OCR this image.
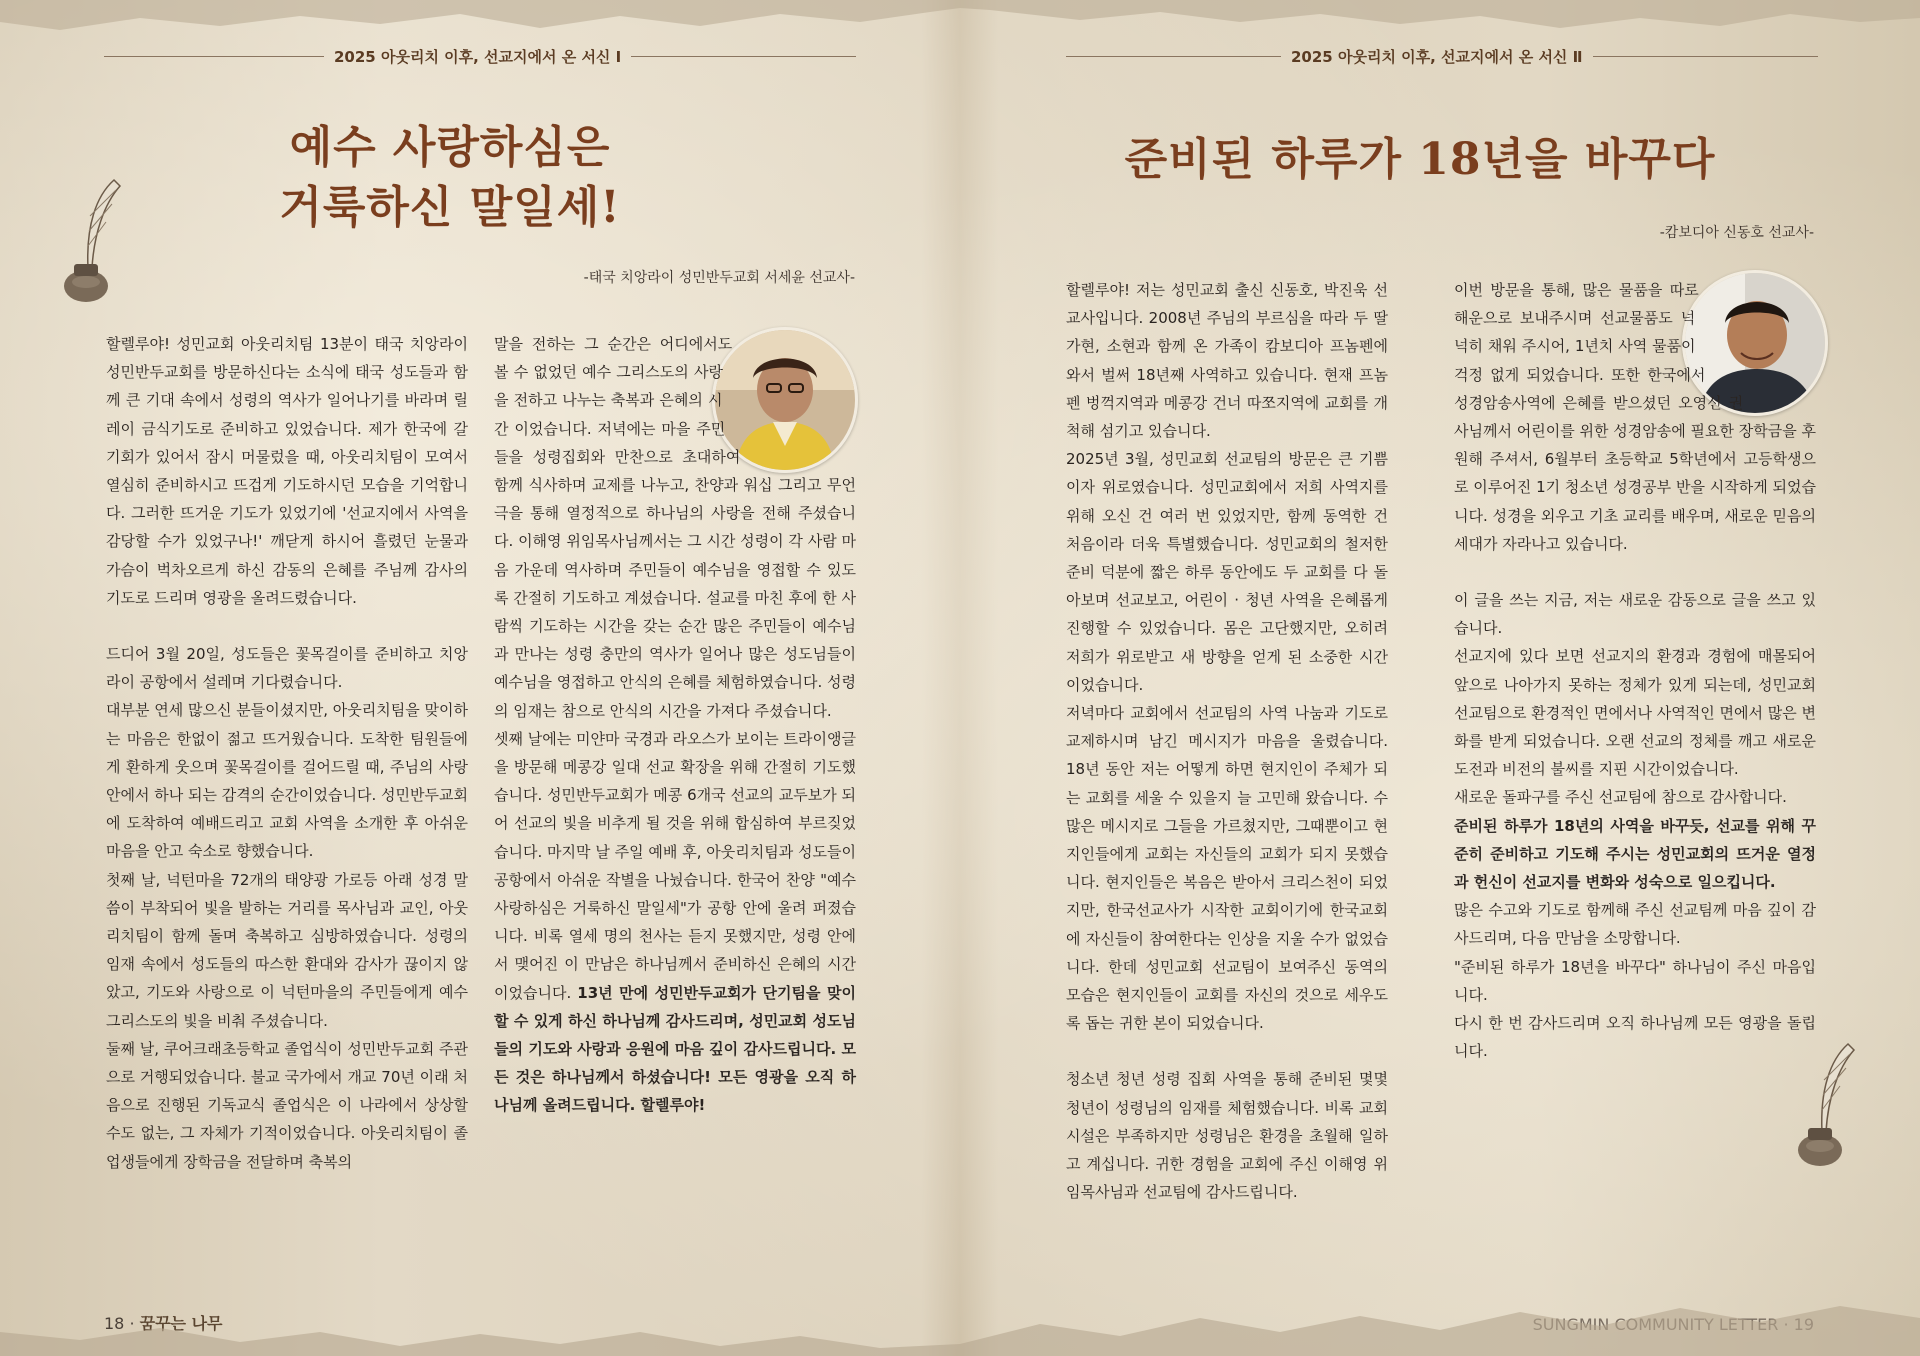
2025 아웃리치 이후, 선교지에서 온 서신 Ⅰ
예수 사랑하심은
거룩하신 말일세!
-태국 치앙라이 성민반두교회 서세윤 선교사-

할렐루야! 성민교회 아웃리치팀 13분이 태국 치앙라이 성민반두교회를 방문하신다는 소식에 태국 성도들과 함께 큰 기대 속에서 성령의 역사가 일어나기를 바라며 릴레이 금식기도로 준비하고 있었습니다. 제가 한국에 갈 기회가 있어서 잠시 머물렀을 때, 아웃리치팀이 모여서 열심히 준비하시고 뜨겁게 기도하시던 모습을 기억합니다. 그러한 뜨거운 기도가 있었기에 '선교지에서 사역을 감당할 수가 있었구나!' 깨닫게 하시어 흘렸던 눈물과 가슴이 벅차오르게 하신 감동의 은혜를 주님께 감사의 기도로 드리며 영광을 올려드렸습니다.

드디어 3월 20일, 성도들은 꽃목걸이를 준비하고 치앙라이 공항에서 설레며 기다렸습니다.

대부분 연세 많으신 분들이셨지만, 아웃리치팀을 맞이하는 마음은 한없이 젊고 뜨거웠습니다. 도착한 팀원들에게 환하게 웃으며 꽃목걸이를 걸어드릴 때, 주님의 사랑 안에서 하나 되는 감격의 순간이었습니다. 성민반두교회에 도착하여 예배드리고 교회 사역을 소개한 후 아쉬운 마음을 안고 숙소로 향했습니다.

첫째 날, 넉턴마을 72개의 태양광 가로등 아래 성경 말씀이 부착되어 빛을 발하는 거리를 목사님과 교인, 아웃리치팀이 함께 돌며 축복하고 심방하였습니다. 성령의 임재 속에서 성도들의 따스한 환대와 감사가 끊이지 않았고, 기도와 사랑으로 이 넉턴마을의 주민들에게 예수 그리스도의 빛을 비춰 주셨습니다.

둘째 날, 쿠어크래초등학교 졸업식이 성민반두교회 주관으로 거행되었습니다. 불교 국가에서 개교 70년 이래 처음으로 진행된 기독교식 졸업식은 이 나라에서 상상할 수도 없는, 그 자체가 기적이었습니다. 아웃리치팀이 졸업생들에게 장학금을 전달하며 축복의

말을 전하는 그 순간은 어디에서도 볼 수 없었던 예수 그리스도의 사랑을 전하고 나누는 축복과 은혜의 시간 이었습니다. 저녁에는 마을 주민들을 성령집회와 만찬으로 초대하여 함께 식사하며 교제를 나누고, 찬양과 워십 그리고 무언극을 통해 열정적으로 하나님의 사랑을 전해 주셨습니다. 이해영 위임목사님께서는 그 시간 성령이 각 사람 마음 가운데 역사하며 주민들이 예수님을 영접할 수 있도록 간절히 기도하고 계셨습니다. 설교를 마친 후에 한 사람씩 기도하는 시간을 갖는 순간 많은 주민들이 예수님과 만나는 성령 충만의 역사가 일어나 많은 성도님들이 예수님을 영접하고 안식의 은혜를 체험하였습니다. 성령의 임재는 참으로 안식의 시간을 가져다 주셨습니다.

셋째 날에는 미얀마 국경과 라오스가 보이는 트라이앵글을 방문해 메콩강 일대 선교 확장을 위해 간절히 기도했습니다. 성민반두교회가 메콩 6개국 선교의 교두보가 되어 선교의 빛을 비추게 될 것을 위해 합심하여 부르짖었습니다. 마지막 날 주일 예배 후, 아웃리치팀과 성도들이 공항에서 아쉬운 작별을 나눴습니다. 한국어 찬양 "예수 사랑하심은 거룩하신 말일세"가 공항 안에 울려 퍼졌습니다. 비록 열세 명의 천사는 듣지 못했지만, 성령 안에서 맺어진 이 만남은 하나님께서 준비하신 은혜의 시간이었습니다. 13년 만에 성민반두교회가 단기팀을 맞이할 수 있게 하신 하나님께 감사드리며, 성민교회 성도님들의 기도와 사랑과 응원에 마음 깊이 감사드립니다. 모든 것은 하나님께서 하셨습니다! 모든 영광을 오직 하나님께 올려드립니다. 할렐루야!

18 · 꿈꾸는 나무
2025 아웃리치 이후, 선교지에서 온 서신 Ⅱ
준비된 하루가 18년을 바꾸다
-캄보디아 신동호 선교사-

할렐루야! 저는 성민교회 출신 신동호, 박진욱 선교사입니다. 2008년 주님의 부르심을 따라 두 딸 가현, 소현과 함께 온 가족이 캄보디아 프놈펜에 와서 벌써 18년째 사역하고 있습니다. 현재 프놈펜 벙꺽지역과 메콩강 건너 따쪼지역에 교회를 개척해 섬기고 있습니다.

2025년 3월, 성민교회 선교팀의 방문은 큰 기쁨이자 위로였습니다. 성민교회에서 저희 사역지를 위해 오신 건 여러 번 있었지만, 함께 동역한 건 처음이라 더욱 특별했습니다. 성민교회의 철저한 준비 덕분에 짧은 하루 동안에도 두 교회를 다 돌아보며 선교보고, 어린이 · 청년 사역을 은혜롭게 진행할 수 있었습니다. 몸은 고단했지만, 오히려 저희가 위로받고 새 방향을 얻게 된 소중한 시간이었습니다.

저녁마다 교회에서 선교팀의 사역 나눔과 기도로 교제하시며 남긴 메시지가 마음을 울렸습니다. 18년 동안 저는 어떻게 하면 현지인이 주체가 되는 교회를 세울 수 있을지 늘 고민해 왔습니다. 수많은 메시지로 그들을 가르쳤지만, 그때뿐이고 현지인들에게 교회는 자신들의 교회가 되지 못했습니다. 현지인들은 복음은 받아서 크리스천이 되었지만, 한국선교사가 시작한 교회이기에 한국교회에 자신들이 참여한다는 인상을 지울 수가 없었습니다. 한데 성민교회 선교팀이 보여주신 동역의 모습은 현지인들이 교회를 자신의 것으로 세우도록 돕는 귀한 본이 되었습니다.

청소년 청년 성령 집회 사역을 통해 준비된 몇몇 청년이 성령님의 임재를 체험했습니다. 비록 교회 시설은 부족하지만 성령님은 환경을 초월해 일하고 계십니다. 귀한 경험을 교회에 주신 이해영 위임목사님과 선교팀에 감사드립니다.

이번 방문을 통해, 많은 물품을 따로 해운으로 보내주시며 선교물품도 넉넉히 채워 주시어, 1년치 사역 물품이 걱정 없게 되었습니다. 또한 한국에서 성경암송사역에 은혜를 받으셨던 오영선 권사님께서 어린이를 위한 성경암송에 필요한 장학금을 후원해 주셔서, 6월부터 초등학교 5학년에서 고등학생으로 이루어진 1기 청소년 성경공부 반을 시작하게 되었습니다. 성경을 외우고 기초 교리를 배우며, 새로운 믿음의 세대가 자라나고 있습니다.

이 글을 쓰는 지금, 저는 새로운 감동으로 글을 쓰고 있습니다.

선교지에 있다 보면 선교지의 환경과 경험에 매몰되어 앞으로 나아가지 못하는 정체가 있게 되는데, 성민교회 선교팀으로 환경적인 면에서나 사역적인 면에서 많은 변화를 받게 되었습니다. 오랜 선교의 정체를 깨고 새로운 도전과 비전의 불씨를 지핀 시간이었습니다.

새로운 돌파구를 주신 선교팀에 참으로 감사합니다.

준비된 하루가 18년의 사역을 바꾸듯, 선교를 위해 꾸준히 준비하고 기도해 주시는 성민교회의 뜨거운 열정과 헌신이 선교지를 변화와 성숙으로 일으킵니다.

많은 수고와 기도로 함께해 주신 선교팀께 마음 깊이 감사드리며, 다음 만남을 소망합니다.

"준비된 하루가 18년을 바꾸다" 하나님이 주신 마음입니다.

다시 한 번 감사드리며 오직 하나님께 모든 영광을 돌립니다.
